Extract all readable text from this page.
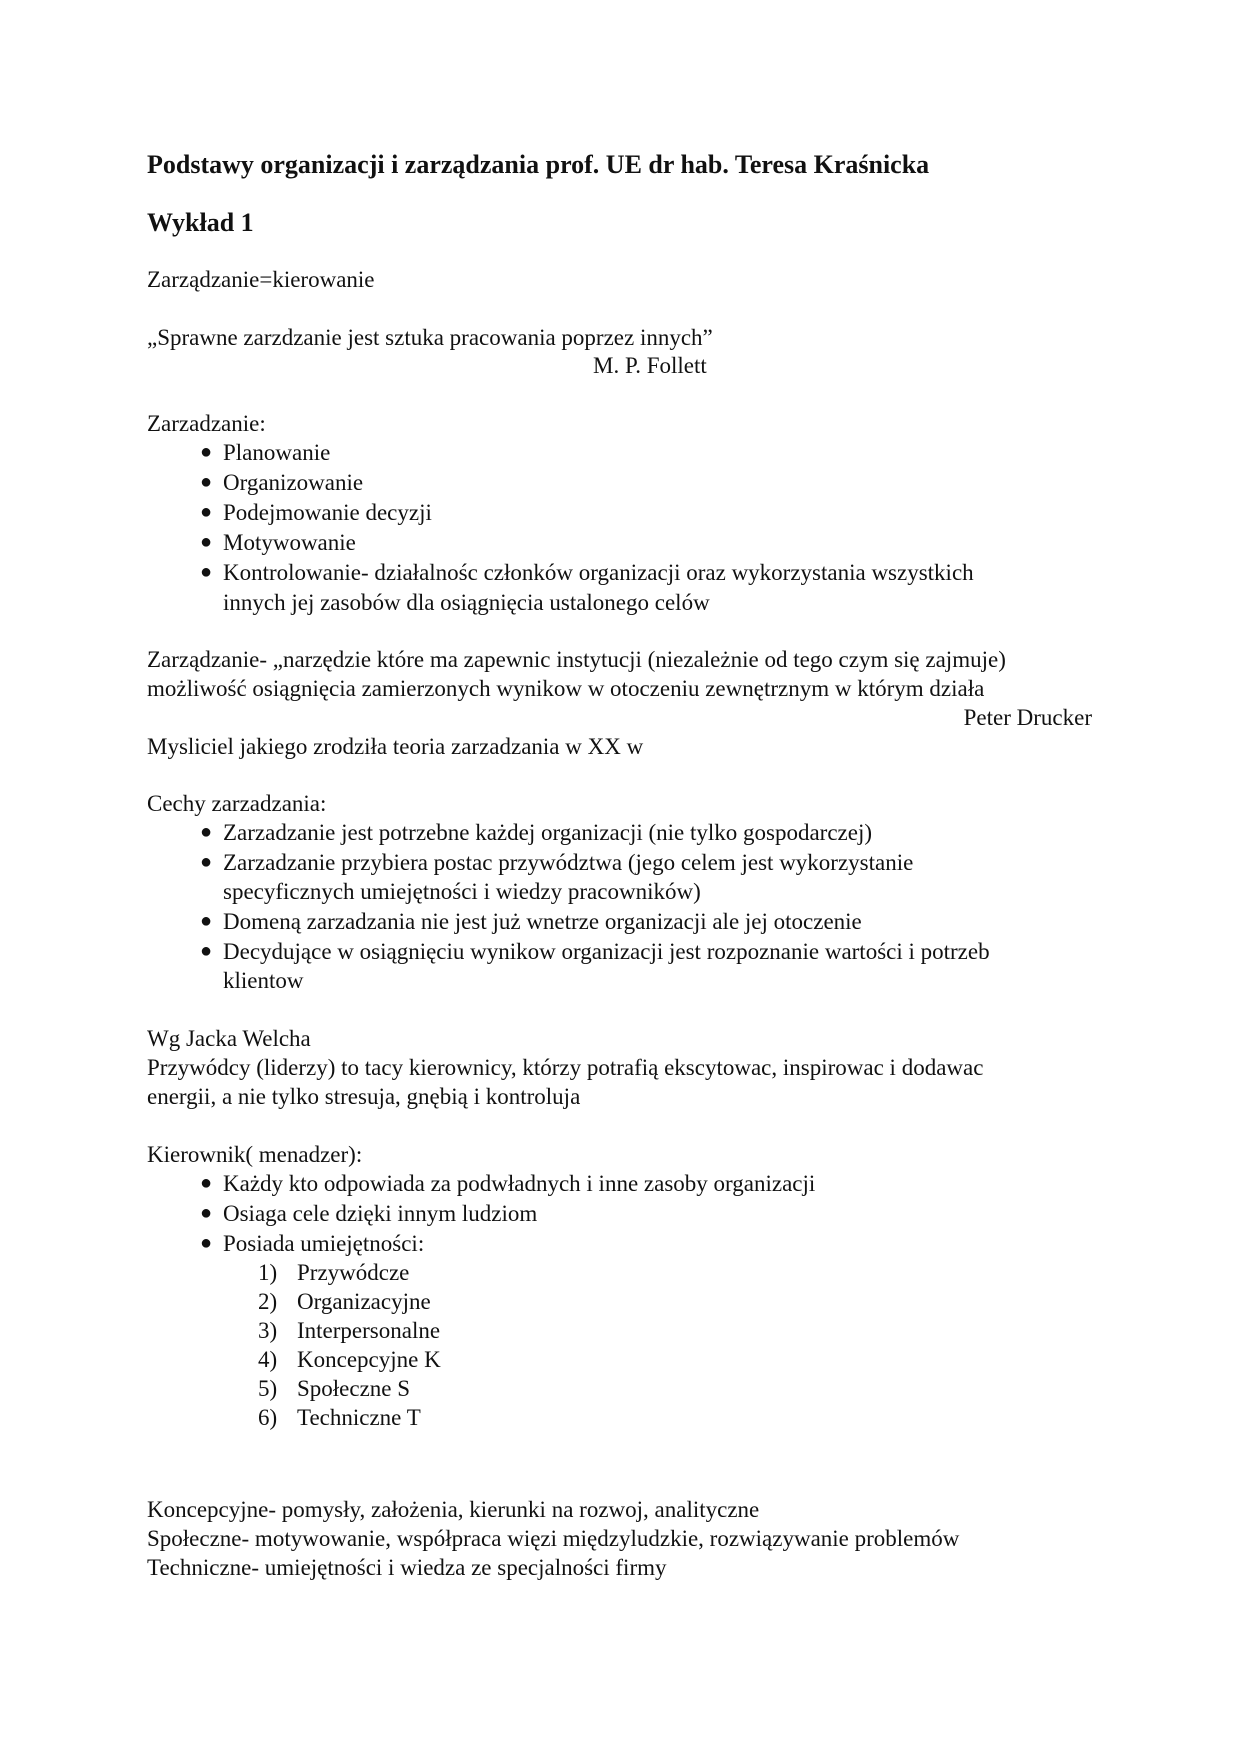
Podstawy organizacji i zarządzania prof. UE dr hab. Teresa Kraśnicka
Wykład 1
Zarządzanie=kierowanie
„Sprawne zarzdzanie jest sztuka pracowania poprzez innych”
M. P. Follett
Zarzadzanie:
● Planowanie
● Organizowanie
● Podejmowanie decyzji
● Motywowanie
● Kontrolowanie- działalnośc członków organizacji oraz wykorzystania wszystkich
innych jej zasobów dla osiągnięcia ustalonego celów
Zarządzanie- „narzędzie które ma zapewnic instytucji (niezależnie od tego czym się zajmuje)
możliwość osiągnięcia zamierzonych wynikow w otoczeniu zewnętrznym w którym działa
Peter Drucker
Mysliciel jakiego zrodziła teoria zarzadzania w XX w
Cechy zarzadzania:
● Zarzadzanie jest potrzebne każdej organizacji (nie tylko gospodarczej)
● Zarzadzanie przybiera postac przywództwa (jego celem jest wykorzystanie
specyficznych umiejętności i wiedzy pracowników)
● Domeną zarzadzania nie jest już wnetrze organizacji ale jej otoczenie
● Decydujące w osiągnięciu wynikow organizacji jest rozpoznanie wartości i potrzeb
klientow
Wg Jacka Welcha
Przywódcy (liderzy) to tacy kierownicy, którzy potrafią ekscytowac, inspirowac i dodawac
energii, a nie tylko stresuja, gnębią i kontroluja
Kierownik( menadzer):
● Każdy kto odpowiada za podwładnych i inne zasoby organizacji
● Osiaga cele dzięki innym ludziom
● Posiada umiejętności:
1) Przywódcze
2) Organizacyjne
3) Interpersonalne
4) Koncepcyjne K
5) Społeczne S
6) Techniczne T
Koncepcyjne- pomysły, założenia, kierunki na rozwoj, analityczne
Społeczne- motywowanie, współpraca więzi międzyludzkie, rozwiązywanie problemów
Techniczne- umiejętności i wiedza ze specjalności firmy
